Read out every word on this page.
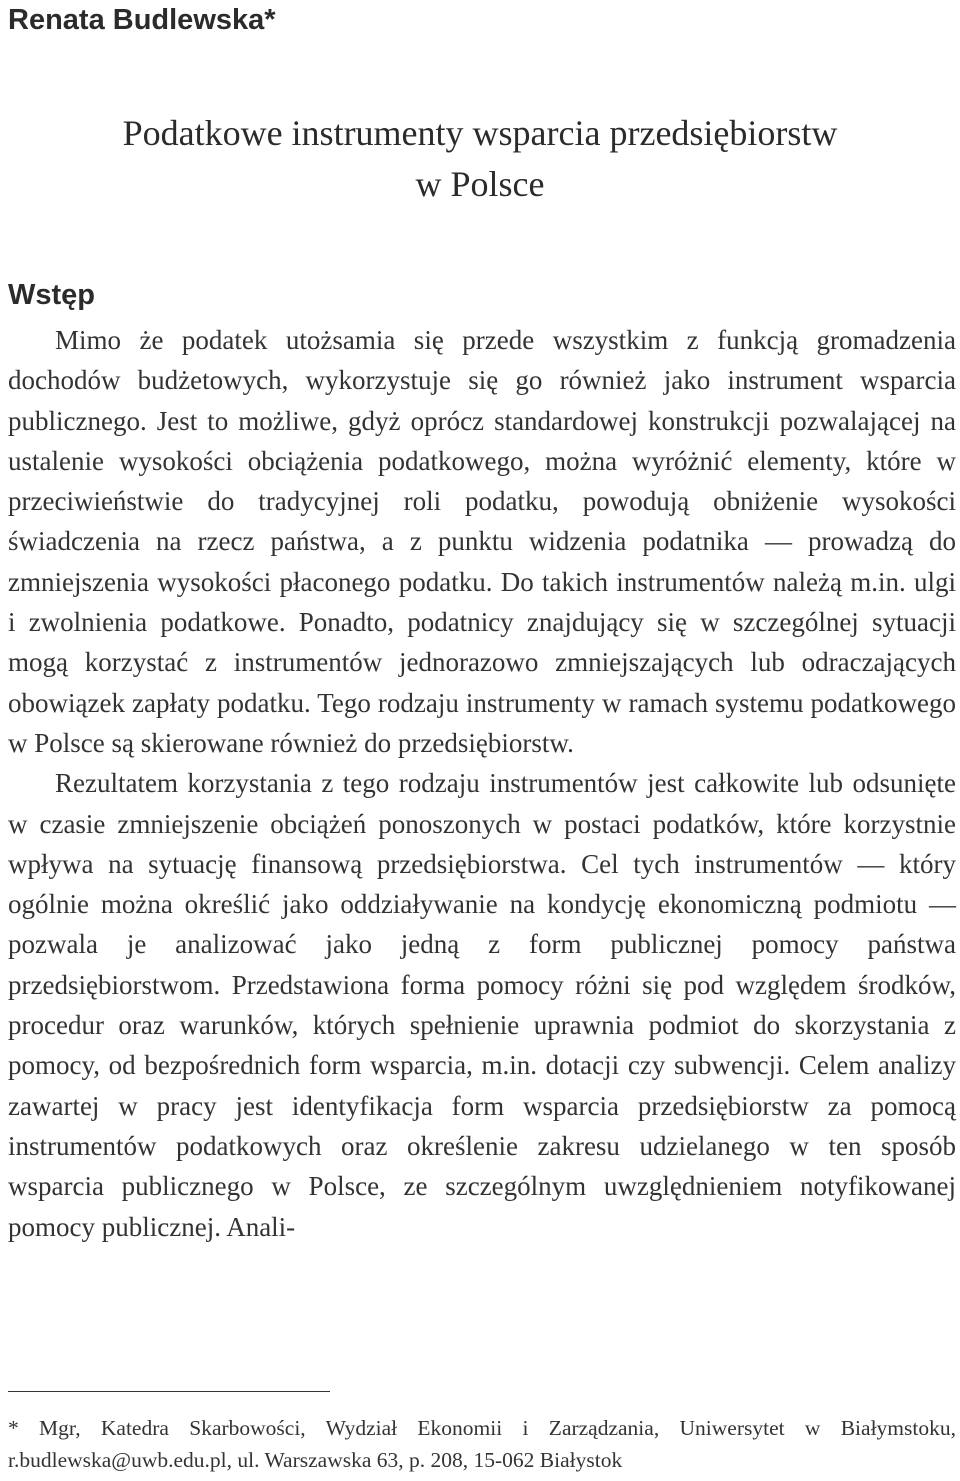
Renata Budlewska*
Podatkowe instrumenty wsparcia przedsiębiorstw
w Polsce
Wstęp

Mimo że podatek utożsamia się przede wszystkim z funkcją gromadzenia dochodów budżetowych, wykorzystuje się go również jako instrument wsparcia publicznego. Jest to możliwe, gdyż oprócz standardowej konstrukcji pozwalającej na ustalenie wysokości obciążenia podatkowego, można wyróżnić elementy, które w przeciwieństwie do tradycyjnej roli podatku, powodują obniżenie wysokości świadczenia na rzecz państwa, a z punktu widzenia podatnika — prowadzą do zmniejszenia wysokości płaconego podatku. Do takich instrumentów należą m.in. ulgi i zwolnienia podatkowe. Ponadto, podatnicy znajdujący się w szczególnej sytuacji mogą korzystać z instrumentów jednorazowo zmniejszających lub odraczających obowiązek zapłaty podatku. Tego rodzaju instrumenty w ramach systemu podatkowego w Polsce są skierowane również do przedsiębiorstw.

Rezultatem korzystania z tego rodzaju instrumentów jest całkowite lub odsunięte w czasie zmniejszenie obciążeń ponoszonych w postaci podatków, które korzystnie wpływa na sytuację finansową przedsiębiorstwa. Cel tych instrumentów — który ogólnie można określić jako oddziaływanie na kondycję ekonomiczną podmiotu — pozwala je analizować jako jedną z form publicznej pomocy państwa przedsiębiorstwom. Przedstawiona forma pomocy różni się pod względem środków, procedur oraz warunków, których spełnienie uprawnia podmiot do skorzystania z pomocy, od bezpośrednich form wsparcia, m.in. dotacji czy subwencji. Celem analizy zawartej w pracy jest identyfikacja form wsparcia przedsiębiorstw za pomocą instrumentów podatkowych oraz określenie zakresu udzielanego w ten sposób wsparcia publicznego w Polsce, ze szczególnym uwzględnieniem notyfikowanej pomocy publicznej. Anali-

* Mgr, Katedra Skarbowości, Wydział Ekonomii i Zarządzania, Uniwersytet w Białymstoku, r.budlewska@uwb.edu.pl, ul. Warszawska 63, p. 208, 15-062 Białystok
